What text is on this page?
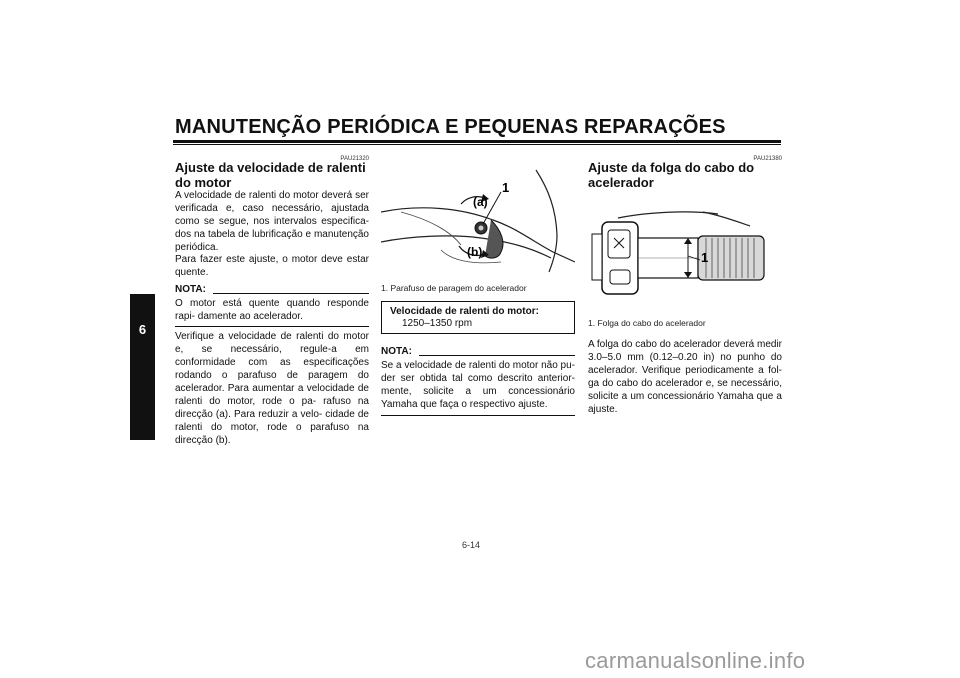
MANUTENÇÃO PERIÓDICA E PEQUENAS REPARAÇÕES
6
PAU21320
Ajuste da velocidade de ralenti do motor
A velocidade de ralenti do motor deverá ser verificada e, caso necessário, ajustada como se segue, nos intervalos especifica- dos na tabela de lubrificação e manutenção periódica.
Para fazer este ajuste, o motor deve estar quente.
NOTA:
O motor está quente quando responde rapi- damente ao acelerador.
Verifique a velocidade de ralenti do motor e, se necessário, regule-a em conformidade com as especificações rodando o parafuso de paragem do acelerador. Para aumentar a velocidade de ralenti do motor, rode o pa- rafuso na direcção (a). Para reduzir a velo- cidade de ralenti do motor, rode o parafuso na direcção (b).
1
(a)
(b)
1. Parafuso de paragem do acelerador
Velocidade de ralenti do motor:
1250–1350 rpm
NOTA:
Se a velocidade de ralenti do motor não pu- der ser obtida tal como descrito anterior- mente, solicite a um concessionário Yamaha que faça o respectivo ajuste.
PAU21380
Ajuste da folga do cabo do acelerador
1
1. Folga do cabo do acelerador
A folga do cabo do acelerador deverá medir 3.0–5.0 mm (0.12–0.20 in) no punho do acelerador. Verifique periodicamente a fol- ga do cabo do acelerador e, se necessário, solicite a um concessionário Yamaha que a ajuste.
6-14
carmanualsonline.info
